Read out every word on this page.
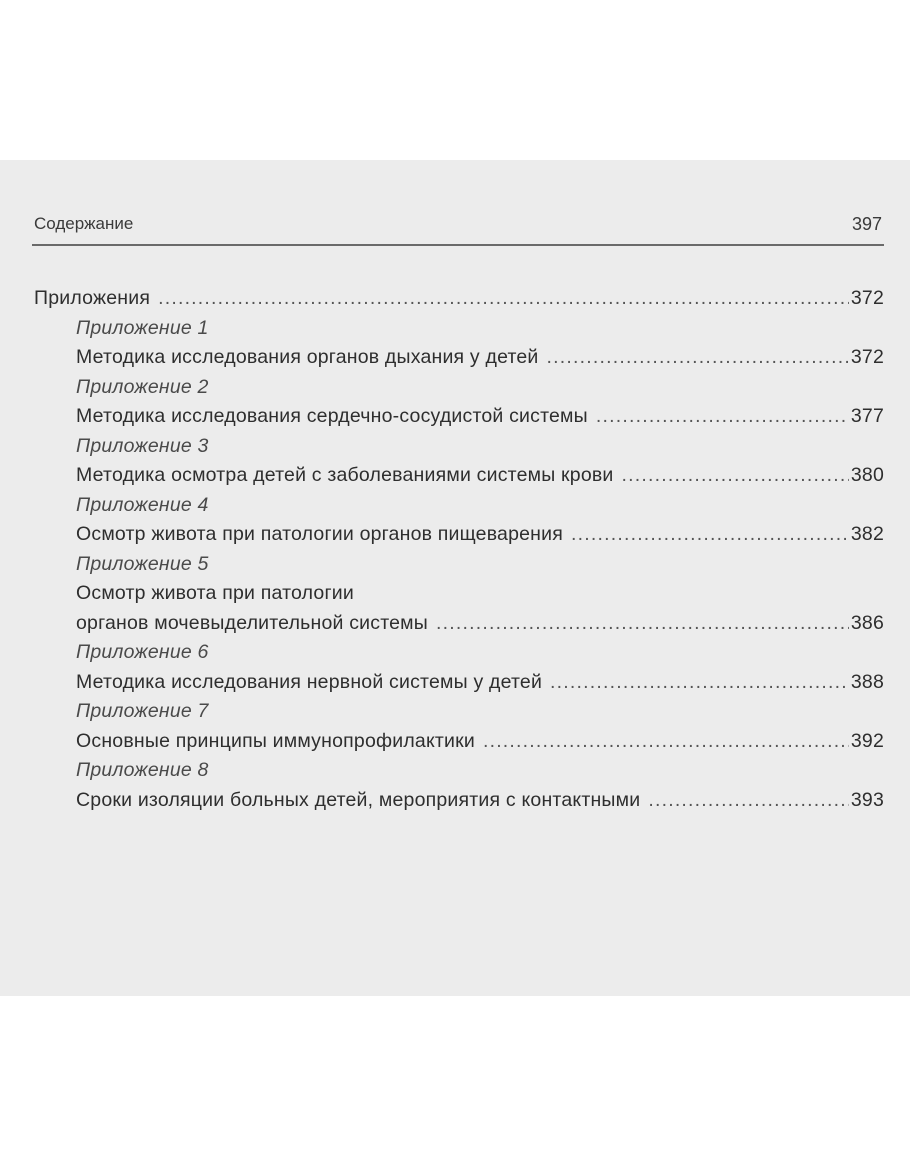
Содержание	397
Приложения .....	372
Приложение 1
Методика исследования органов дыхания у детей .....	372
Приложение 2
Методика исследования сердечно-сосудистой системы .....	377
Приложение 3
Методика осмотра детей с заболеваниями системы крови .....	380
Приложение 4
Осмотр живота при патологии органов пищеварения .....	382
Приложение 5
Осмотр живота при патологии
органов мочевыделительной системы .....	386
Приложение 6
Методика исследования нервной системы у детей .....	388
Приложение 7
Основные принципы иммунопрофилактики .....	392
Приложение 8
Сроки изоляции больных детей, мероприятия с контактными .....	393
